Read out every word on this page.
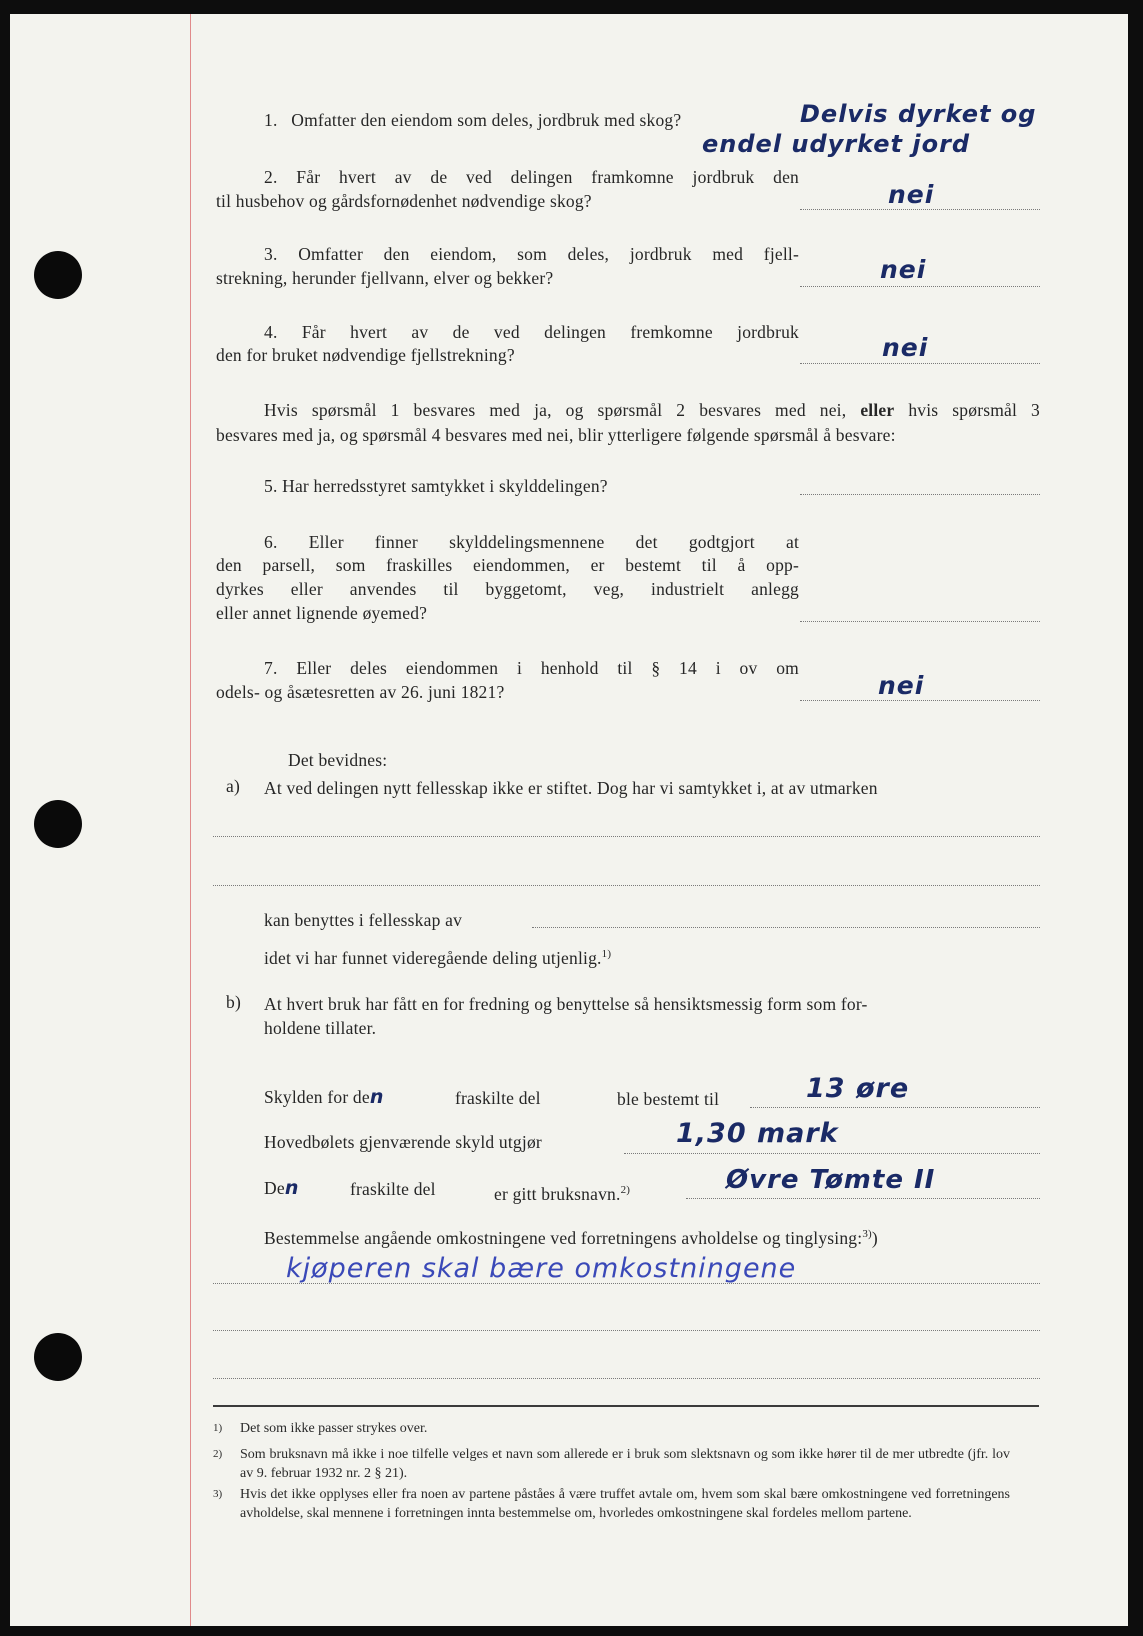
1. Omfatter den eiendom som deles, jordbruk med skog?	Delvis dyrket og
endel udyrket jord
2. Får hvert av de ved delingen framkomne jordbruk den
til husbehov og gårdsfornødenhet nødvendige skog?	nei
3. Omfatter den eiendom, som deles, jordbruk med fjell-
strekning, herunder fjellvann, elver og bekker?	nei
4. Får hvert av de ved delingen fremkomne jordbruk
den for bruket nødvendige fjellstrekning?	nei
Hvis spørsmål 1 besvares med ja, og spørsmål 2 besvares med nei, eller hvis spørsmål 3
besvares med ja, og spørsmål 4 besvares med nei, blir ytterligere følgende spørsmål å besvare:
5. Har herredsstyret samtykket i skylddelingen?
6. Eller finner skylddelingsmennene det godtgjort at
den parsell, som fraskilles eiendommen, er bestemt til å opp-
dyrkes eller anvendes til byggetomt, veg, industrielt anlegg
eller annet lignende øyemed?
7. Eller deles eiendommen i henhold til § 14 i ov om
odels- og åsætesretten av 26. juni 1821?	nei
Det bevidnes:
a) At ved delingen nytt fellesskap ikke er stiftet. Dog har vi samtykket i, at av utmarken
kan benyttes i fellesskap av
idet vi har funnet videregående deling utjenlig.$^{1)}$
b) At hvert bruk har fått en for fredning og benyttelse så hensiktsmessig form som for-
holdene tillater.
Skylden for den	fraskilte del	ble bestemt til	13 øre
Hovedbølets gjenværende skyld utgjør	1,30 mark
Den	fraskilte del	er gitt bruksnavn.$^{2)}$	Øvre Tømte II
Bestemmelse angående omkostningene ved forretningens avholdelse og tinglysing:$^{3)}$)
kjøperen skal bære omkostningene
1) Det som ikke passer strykes over.
2) Som bruksnavn må ikke i noe tilfelle velges et navn som allerede er i bruk som slektsnavn og som ikke hører til de mer utbredte (jfr. lov av 9. februar 1932 nr. 2 § 21).
3) Hvis det ikke opplyses eller fra noen av partene påståes å være truffet avtale om, hvem som skal bære omkostningene ved forretningens avholdelse, skal mennene i forretningen innta bestemmelse om, hvorledes omkostningene skal fordeles mellom partene.
